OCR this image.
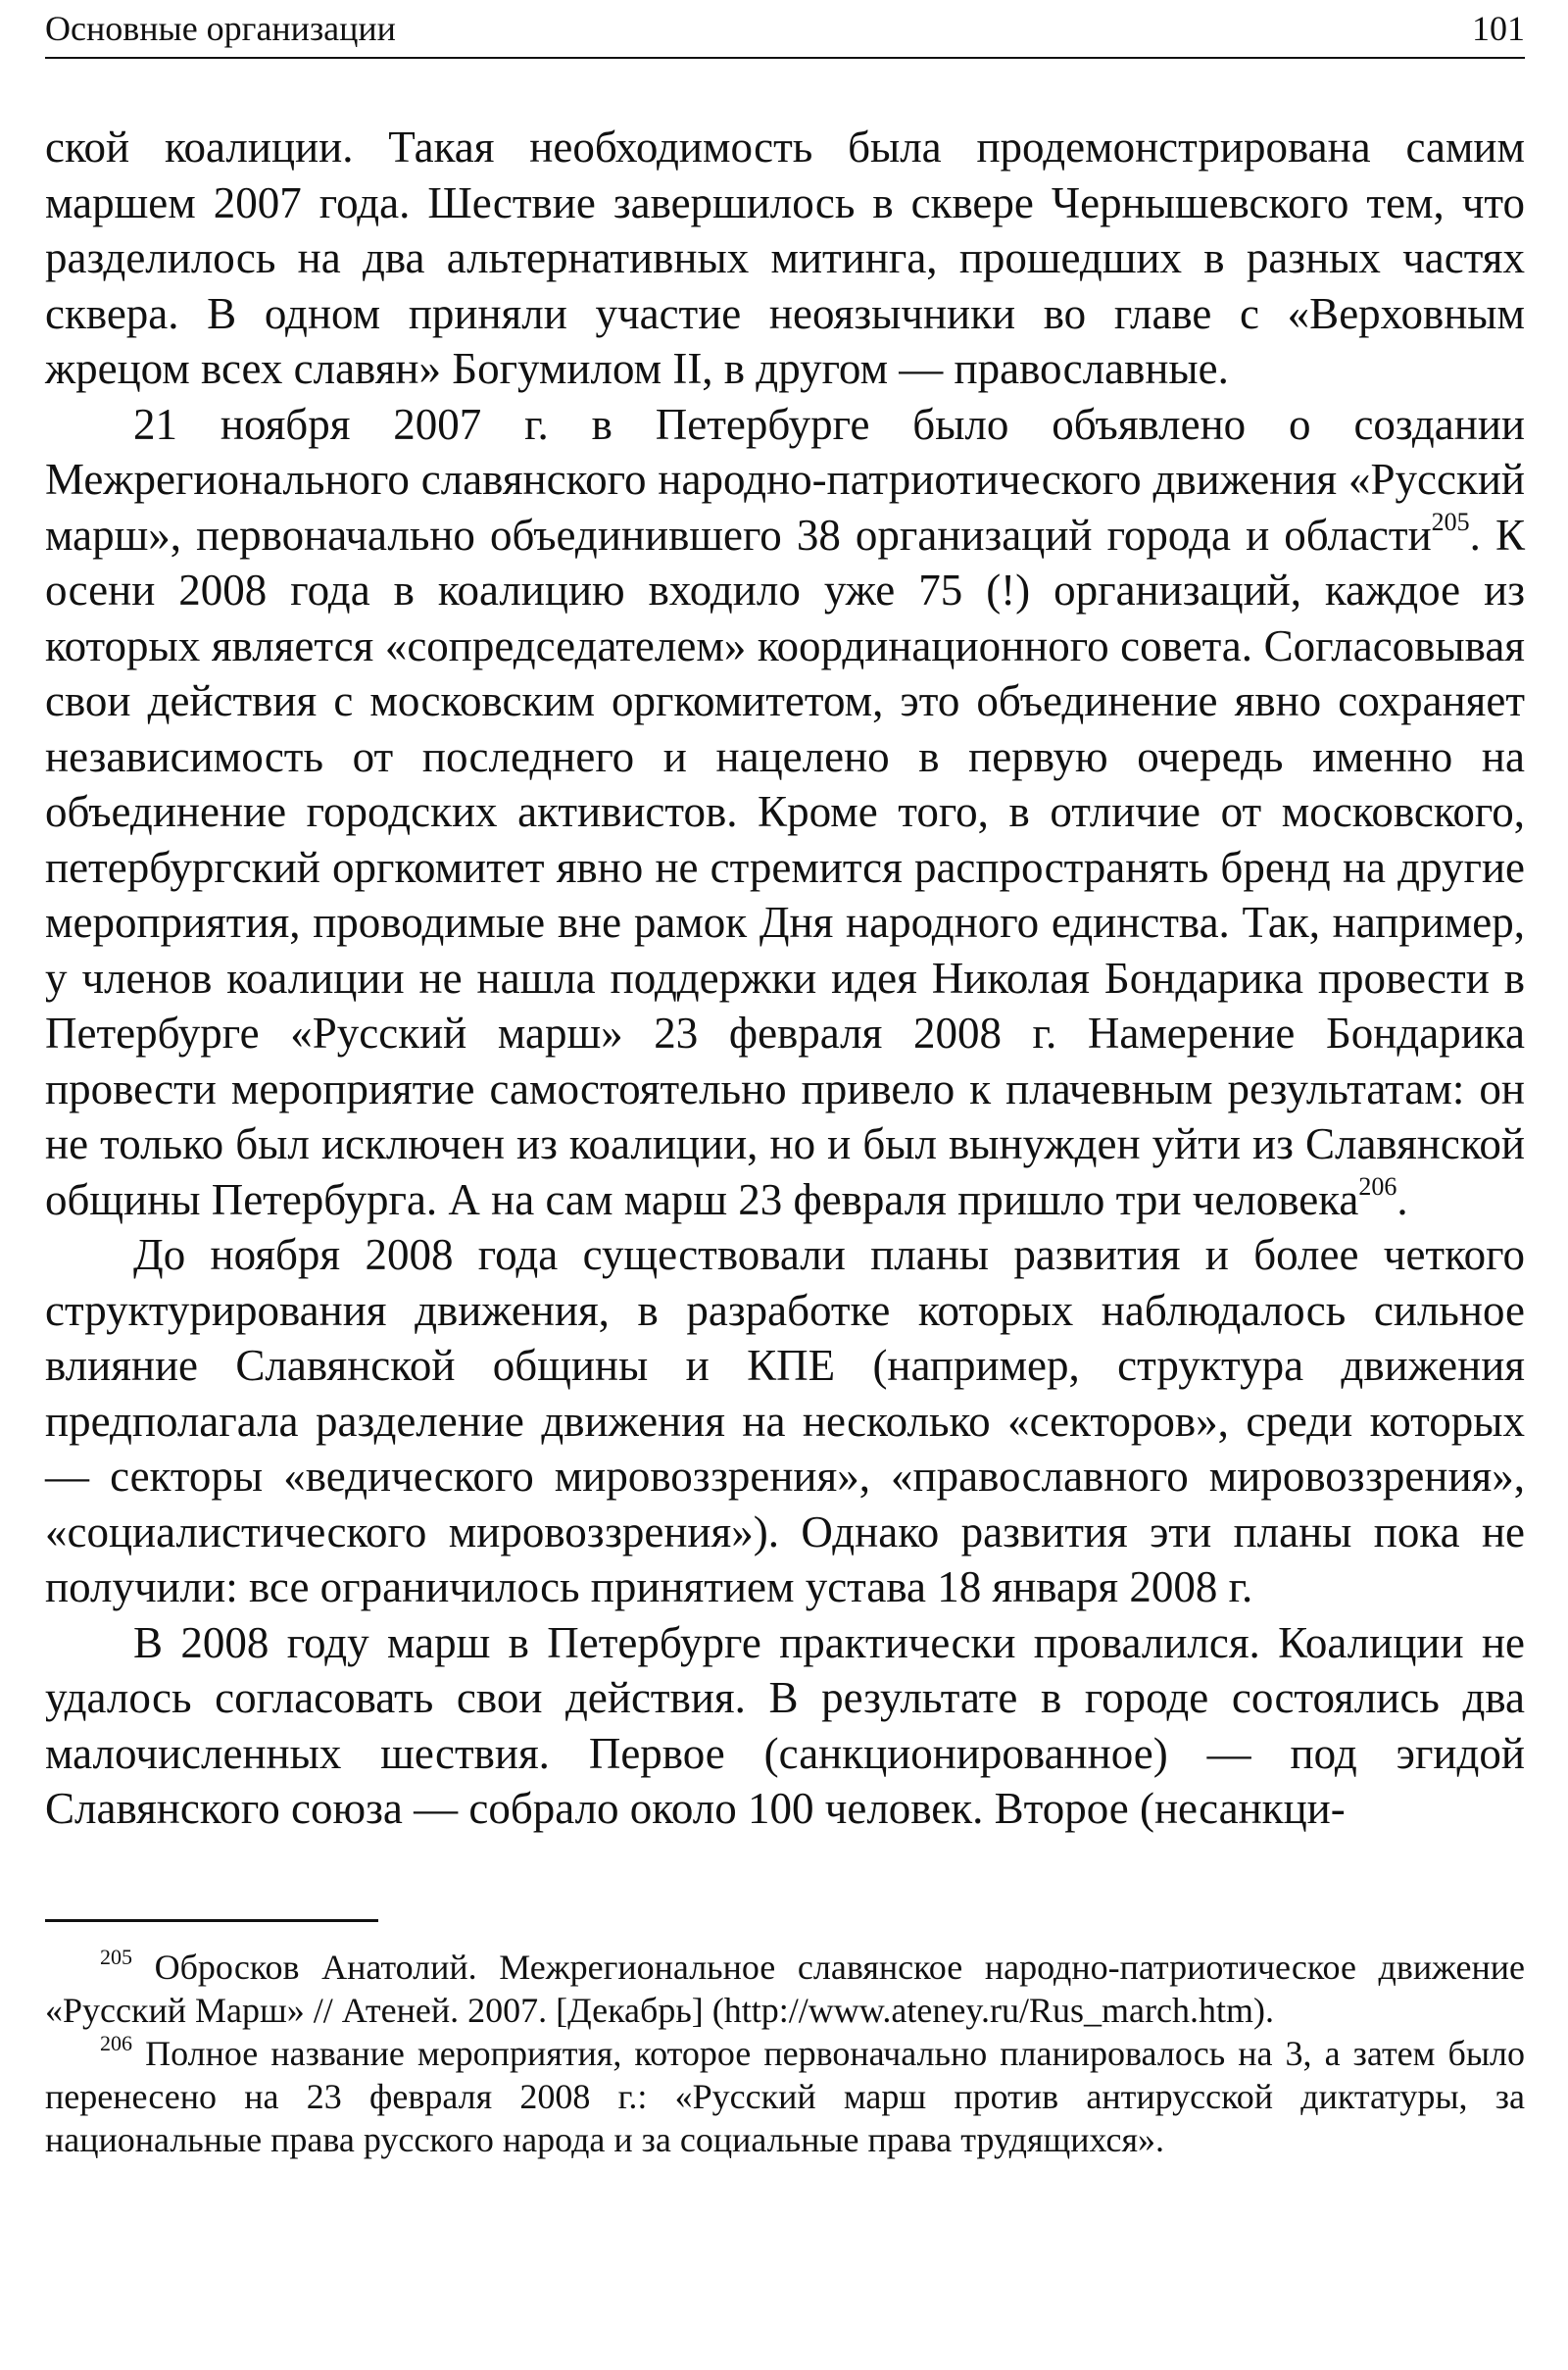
Основные организации	101

ской коалиции. Такая необходимость была продемонстрирована самим маршем 2007 года. Шествие завершилось в сквере Чернышевского тем, что разделилось на два альтернативных митинга, прошедших в разных частях сквера. В одном приняли участие неоязычники во главе с «Верховным жрецом всех славян» Богумилом II, в другом — православные.

21 ноября 2007 г. в Петербурге было объявлено о создании Межрегионального славянского народно-патриотического движения «Русский марш», первоначально объединившего 38 организаций города и области$^{205}$. К осени 2008 года в коалицию входило уже 75 (!) организаций, каждое из которых является «сопредседателем» координационного совета. Согласовывая свои действия с московским оргкомитетом, это объединение явно сохраняет независимость от последнего и нацелено в первую очередь именно на объединение городских активистов. Кроме того, в отличие от московского, петербургский оргкомитет явно не стремится распространять бренд на другие мероприятия, проводимые вне рамок Дня народного единства. Так, например, у членов коалиции не нашла поддержки идея Николая Бондарика провести в Петербурге «Русский марш» 23 февраля 2008 г. Намерение Бондарика провести мероприятие самостоятельно привело к плачевным результатам: он не только был исключен из коалиции, но и был вынужден уйти из Славянской общины Петербурга. А на сам марш 23 февраля пришло три человека$^{206}$.

До ноября 2008 года существовали планы развития и более четкого структурирования движения, в разработке которых наблюдалось сильное влияние Славянской общины и КПЕ (например, структура движения предполагала разделение движения на несколько «секторов», среди которых — секторы «ведического мировоззрения», «православного мировоззрения», «социалистического мировоззрения»). Однако развития эти планы пока не получили: все ограничилось принятием устава 18 января 2008 г.

В 2008 году марш в Петербурге практически провалился. Коалиции не удалось согласовать свои действия. В результате в городе состоялись два малочисленных шествия. Первое (санкционированное) — под эгидой Славянского союза — собрало около 100 человек. Второе (несанкци-

$^{205}$ Обросков Анатолий. Межрегиональное славянское народно-патриотическое движение «Русский Марш» // Атеней. 2007. [Декабрь] (http://www.ateney.ru/Rus_march.htm).

$^{206}$ Полное название мероприятия, которое первоначально планировалось на 3, а затем было перенесено на 23 февраля 2008 г.: «Русский марш против антирусской диктатуры, за национальные права русского народа и за социальные права трудящихся».
